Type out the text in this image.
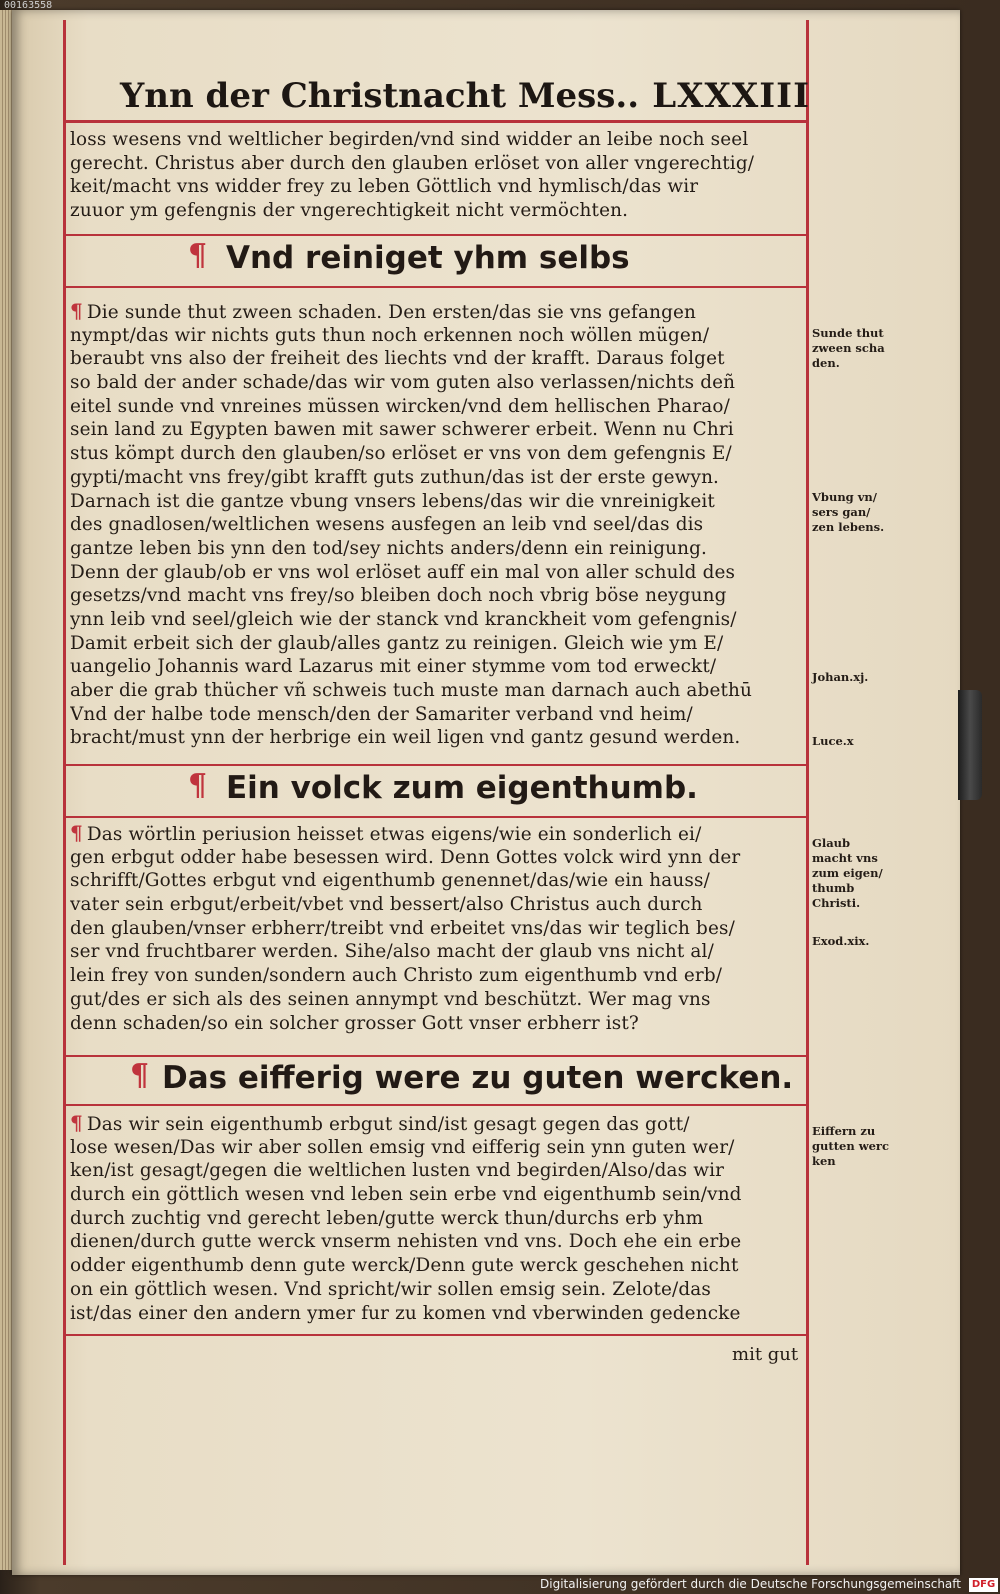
00163558
Ynn der Christnacht Mess.. LXXXIII
loss wesens vnd weltlicher begirden/vnd sind widder an leibe noch seel
gerecht. Christus aber durch den glauben erlöset von aller vngerechtig/
keit/macht vns widder frey zu leben Göttlich vnd hymlisch/das wir
zuuor ym gefengnis der vngerechtigkeit nicht vermöchten.
¶ Vnd reiniget yhm selbs
¶ Die sunde thut zween schaden. Den ersten/das sie vns gefangen
nympt/das wir nichts guts thun noch erkennen noch wöllen mügen/
beraubt vns also der freiheit des liechts vnd der krafft. Daraus folget
so bald der ander schade/das wir vom guten also verlassen/nichts deñ
eitel sunde vnd vnreines müssen wircken/vnd dem hellischen Pharao/
sein land zu Egypten bawen mit sawer schwerer erbeit. Wenn nu Chri
stus kömpt durch den glauben/so erlöset er vns von dem gefengnis E/
gypti/macht vns frey/gibt krafft guts zuthun/das ist der erste gewyn.
Darnach ist die gantze vbung vnsers lebens/das wir die vnreinigkeit
des gnadlosen/weltlichen wesens ausfegen an leib vnd seel/das dis
gantze leben bis ynn den tod/sey nichts anders/denn ein reinigung.
Denn der glaub/ob er vns wol erlöset auff ein mal von aller schuld des
gesetzs/vnd macht vns frey/so bleiben doch noch vbrig böse neygung
ynn leib vnd seel/gleich wie der stanck vnd kranckheit vom gefengnis/
Damit erbeit sich der glaub/alles gantz zu reinigen. Gleich wie ym E/
uangelio Johannis ward Lazarus mit einer stymme vom tod erweckt/
aber die grab thücher vñ schweis tuch muste man darnach auch abethū
Vnd der halbe tode mensch/den der Samariter verband vnd heim/
bracht/must ynn der herbrige ein weil ligen vnd gantz gesund werden.
¶ Ein volck zum eigenthumb.
¶ Das wörtlin periusion heisset etwas eigens/wie ein sonderlich ei/
gen erbgut odder habe besessen wird. Denn Gottes volck wird ynn der
schrifft/Gottes erbgut vnd eigenthumb genennet/das/wie ein hauss/
vater sein erbgut/erbeit/vbet vnd bessert/also Christus auch durch
den glauben/vnser erbherr/treibt vnd erbeitet vns/das wir teglich bes/
ser vnd fruchtbarer werden. Sihe/also macht der glaub vns nicht al/
lein frey von sunden/sondern auch Christo zum eigenthumb vnd erb/
gut/des er sich als des seinen annympt vnd beschützt. Wer mag vns
denn schaden/so ein solcher grosser Gott vnser erbherr ist?
¶ Das eifferig were zu guten wercken.
¶ Das wir sein eigenthumb erbgut sind/ist gesagt gegen das gott/
lose wesen/Das wir aber sollen emsig vnd eifferig sein ynn guten wer/
ken/ist gesagt/gegen die weltlichen lusten vnd begirden/Also/das wir
durch ein göttlich wesen vnd leben sein erbe vnd eigenthumb sein/vnd
durch zuchtig vnd gerecht leben/gutte werck thun/durchs erb yhm
dienen/durch gutte werck vnserm nehisten vnd vns. Doch ehe ein erbe
odder eigenthumb denn gute werck/Denn gute werck geschehen nicht
on ein göttlich wesen. Vnd spricht/wir sollen emsig sein. Zelote/das
ist/das einer den andern ymer fur zu komen vnd vberwinden gedencke
mit gut
Sunde thut
zween scha
den.
Vbung vn/
sers gan/
zen lebens.
Johan.xj.
Luce.x
Glaub
macht vns
zum eigen/
thumb
Christi.
Exod.xix.
Eiffern zu
gutten werc
ken
Digitalisierung gefördert durch die Deutsche Forschungsgemeinschaft DFG
